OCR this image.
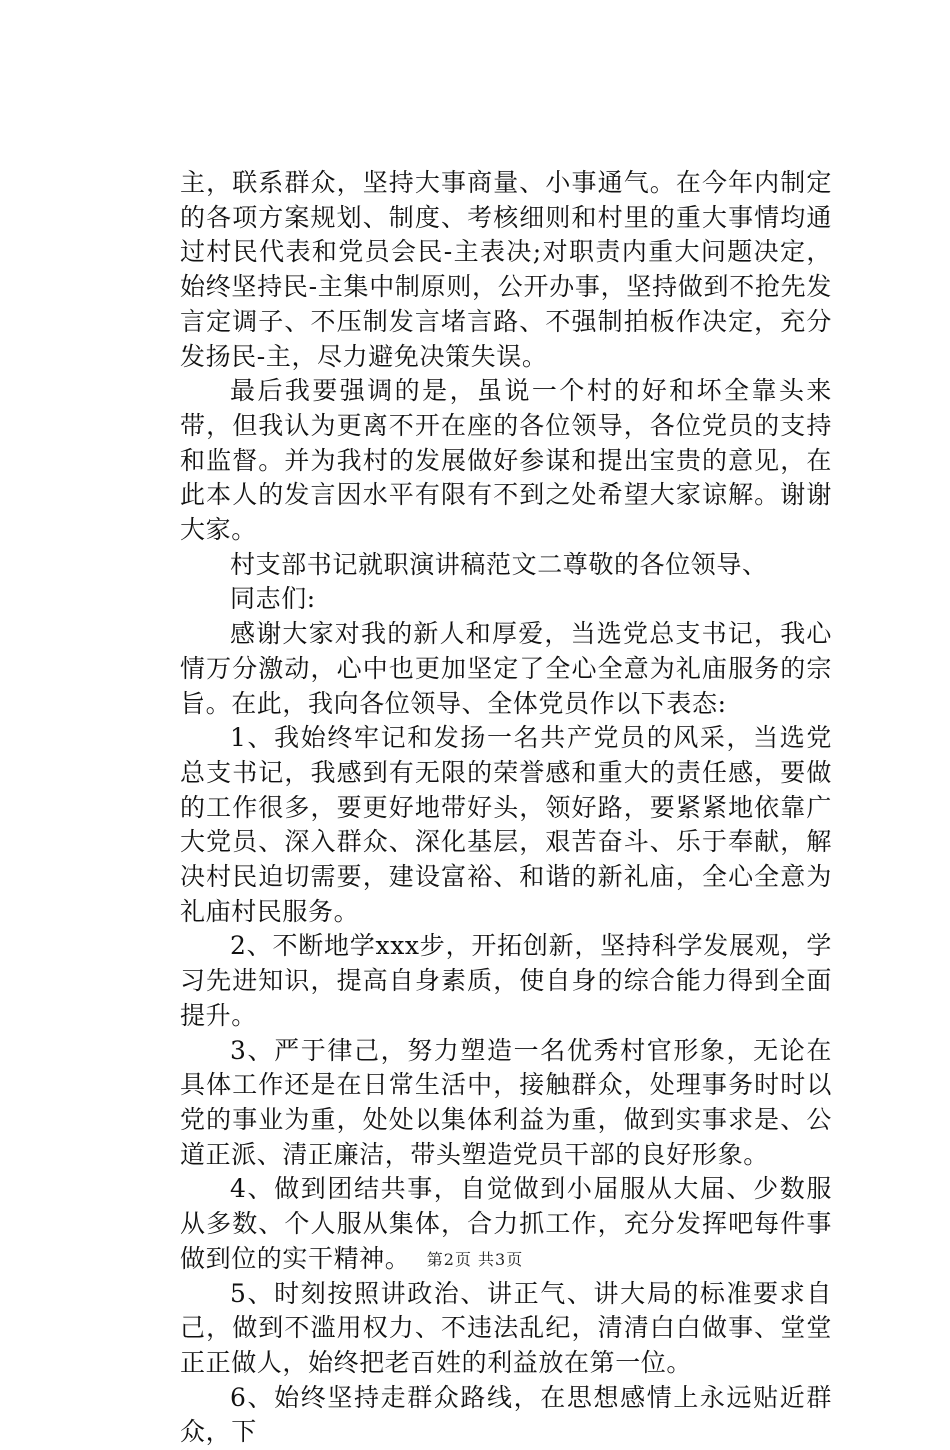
主，联系群众，坚持大事商量、小事通气。在今年内制定的各项方案规划、制度、考核细则和村里的重大事情均通过村民代表和党员会民-主表决;对职责内重大问题决定，始终坚持民-主集中制原则，公开办事，坚持做到不抢先发言定调子、不压制发言堵言路、不强制拍板作决定，充分发扬民-主，尽力避免决策失误。

最后我要强调的是，虽说一个村的好和坏全靠头来带，但我认为更离不开在座的各位领导，各位党员的支持和监督。并为我村的发展做好参谋和提出宝贵的意见，在此本人的发言因水平有限有不到之处希望大家谅解。谢谢大家。

村支部书记就职演讲稿范文二尊敬的各位领导、

同志们:

感谢大家对我的新人和厚爱，当选党总支书记，我心情万分激动，心中也更加坚定了全心全意为礼庙服务的宗旨。在此，我向各位领导、全体党员作以下表态:

1、我始终牢记和发扬一名共产党员的风采，当选党总支书记，我感到有无限的荣誉感和重大的责任感，要做的工作很多，要更好地带好头，领好路，要紧紧地依靠广大党员、深入群众、深化基层，艰苦奋斗、乐于奉献，解决村民迫切需要，建设富裕、和谐的新礼庙，全心全意为礼庙村民服务。

2、不断地学xxx步，开拓创新，坚持科学发展观，学习先进知识，提高自身素质，使自身的综合能力得到全面提升。

3、严于律己，努力塑造一名优秀村官形象，无论在具体工作还是在日常生活中，接触群众，处理事务时时以党的事业为重，处处以集体利益为重，做到实事求是、公道正派、清正廉洁，带头塑造党员干部的良好形象。

4、做到团结共事，自觉做到小届服从大届、少数服从多数、个人服从集体，合力抓工作，充分发挥吧每件事做到位的实干精神。

5、时刻按照讲政治、讲正气、讲大局的标准要求自己，做到不滥用权力、不违法乱纪，清清白白做事、堂堂正正做人，始终把老百姓的利益放在第一位。

6、始终坚持走群众路线，在思想感情上永远贴近群众，下

第2页 共3页
